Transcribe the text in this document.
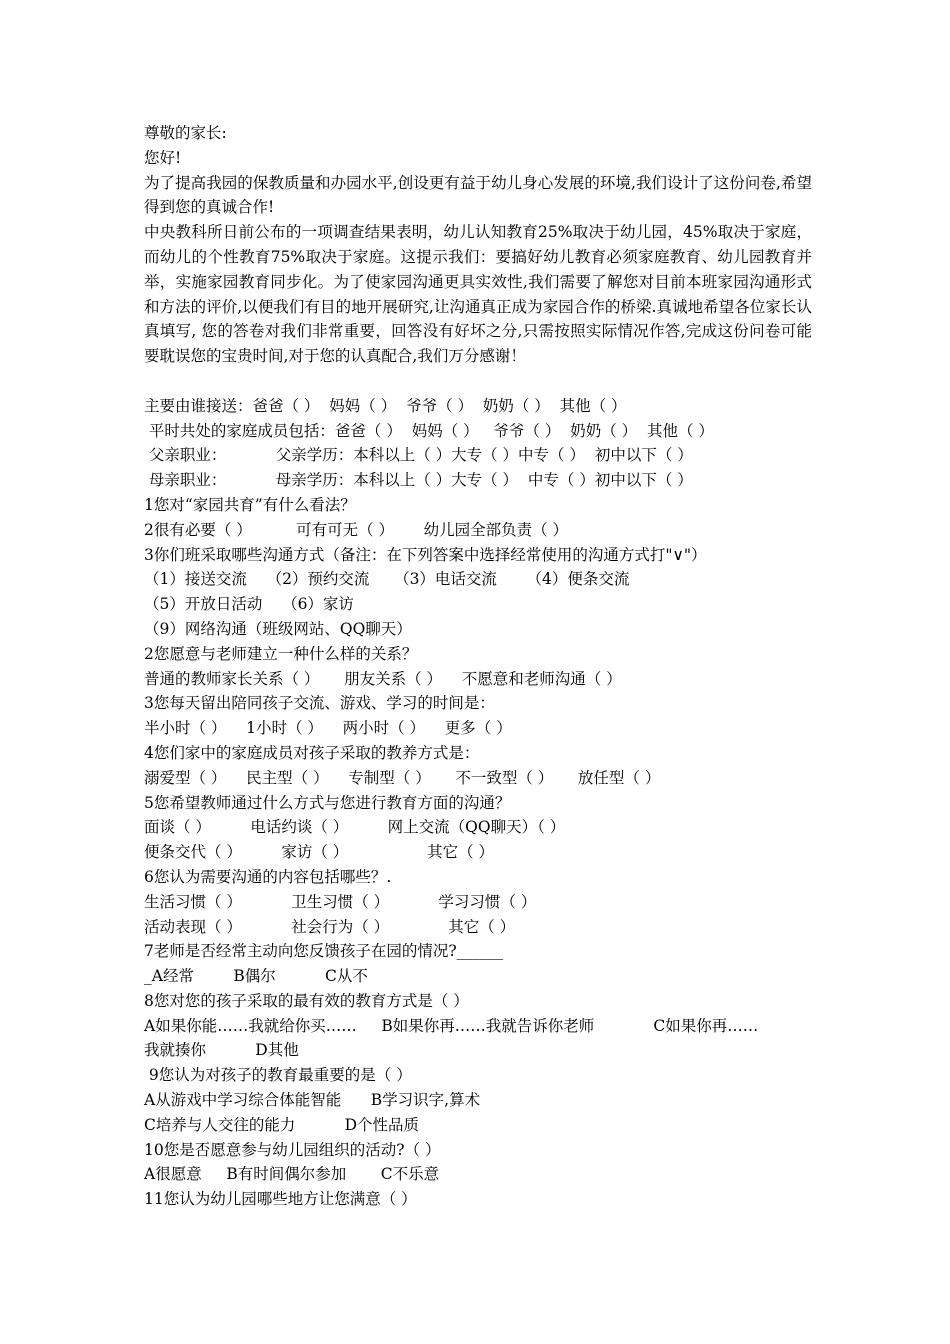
尊敬的家长:
您好!
为了提高我园的保教质量和办园水平,创设更有益于幼儿身心发展的环境,我们设计了这份问卷,希望得到您的真诚合作!
中央教科所日前公布的一项调查结果表明，幼儿认知教育25%取决于幼儿园，45%取决于家庭，而幼儿的个性教育75%取决于家庭。这提示我们：要搞好幼儿教育必须家庭教育、幼儿园教育并举，实施家园教育同步化。为了使家园沟通更具实效性,我们需要了解您对目前本班家园沟通形式和方法的评价,以便我们有目的地开展研究,让沟通真正成为家园合作的桥梁.真诚地希望各位家长认真填写, 您的答卷对我们非常重要，回答没有好坏之分,只需按照实际情况作答,完成这份问卷可能要耽误您的宝贵时间,对于您的认真配合,我们万分感谢！
主要由谁接送：爸爸（ ）  妈妈（ ）  爷爷（ ）  奶奶（ ）  其他（ ）
平时共处的家庭成员包括：爸爸（ ）  妈妈（ ）   爷爷（ ）  奶奶（ ）  其他（ ）
父亲职业：          父亲学历：本科以上（ ）大专（ ）中专（ ）  初中以下（ ）
母亲职业：          母亲学历：本科以上（ ）大专（ ）  中专（ ）初中以下（ ）
1您对“家园共育”有什么看法？
2很有必要（ ）         可有可无（ ）      幼儿园全部负责（ ）
3你们班采取哪些沟通方式（备注：在下列答案中选择经常使用的沟通方式打"∨"）
（1）接送交流    （2）预约交流     （3）电话交流      （4）便条交流
（5）开放日活动    （6）家访
（9）网络沟通（班级网站、QQ聊天）
2您愿意与老师建立一种什么样的关系？
普通的教师家长关系（ ）     朋友关系（ ）    不愿意和老师沟通（ ）
3您每天留出陪同孩子交流、游戏、学习的时间是：
半小时（ ）    1小时（ ）    两小时（ ）    更多（ ）
4您们家中的家庭成员对孩子采取的教养方式是：
溺爱型（ ）    民主型（ ）    专制型（ ）     不一致型（ ）     放任型（ ）
5您希望教师通过什么方式与您进行教育方面的沟通？
面谈（ ）        电话约谈（ ）        网上交流（QQ聊天）（ ）
便条交代（ ）        家访（ ）                其它（ ）
6您认为需要沟通的内容包括哪些？.
生活习惯（ ）          卫生习惯（ ）          学习习惯（ ）
活动表现（ ）          社会行为（ ）            其它（ ）
7老师是否经常主动向您反馈孩子在园的情况?______
_A经常        B偶尔          C从不
8您对您的孩子采取的最有效的教育方式是（ ）
A如果你能……我就给你买……     B如果你再……我就告诉你老师            C如果你再……
我就揍你          D其他
9您认为对孩子的教育最重要的是（ ）
A从游戏中学习综合体能智能      B学习识字,算术
C培养与人交往的能力          D个性品质
10您是否愿意参与幼儿园组织的活动?（ ）
A很愿意     B有时间偶尔参加       C不乐意
11您认为幼儿园哪些地方让您满意（ ）
